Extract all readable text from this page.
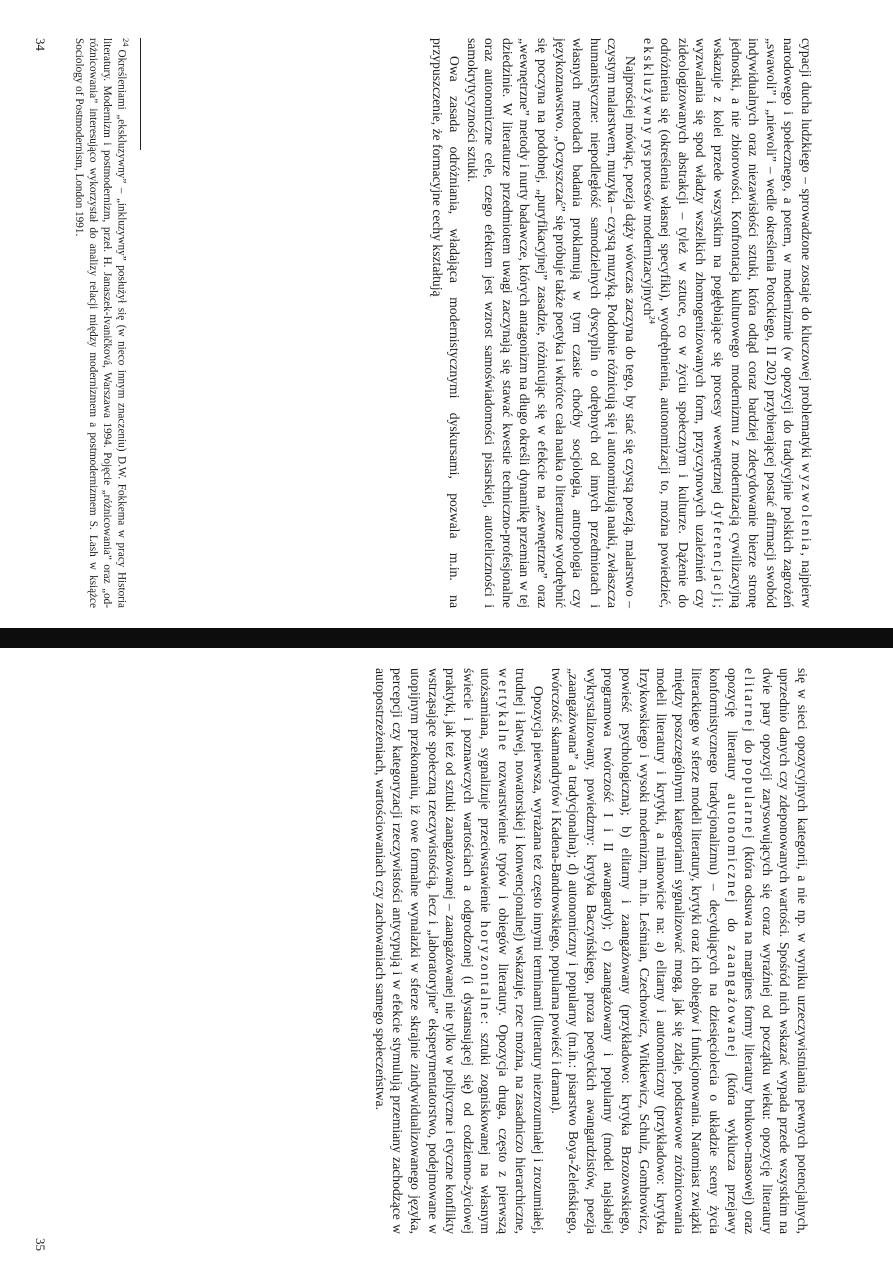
cypacji ducha ludzkiego – sprowadzone zostaje do kluczowej problematyki wyzwolenia, najpierw narodowego i społecznego, a potem, w modernizmie (w opozycji do tradycyjnie polskich zagrożeń „swawoli” i „niewoli” – wedle określenia Potockiego, II 202) przybierającej postać afirmacji swobód indywidualnych oraz niezawisłości sztuki, która odtąd coraz bardziej zdecydowanie bierze stronę jednostki, a nie zbiorowości. Konfrontacja kulturowego modernizmu z modernizacją cywilizacyjną wskazuje z kolei przede wszystkim na pogłębiające się procesy wewnętrznej dyferencjacji; wyzwalania się spod władzy wszelkich zhomogenizowanych form, przyczynowych uzależnień czy zideologizowanych abstrakcji – tyleż w sztuce, co w życiu społecznym i kulturze. Dążenie do odróżnienia się (określenia własnej specyfiki), wyodrębnienia, autonomizacji to, można powiedzieć, eksklużywny rys procesów modernizacyjnych$^{24}$

Najprościej mówiąc, poezja dąży wówczas zaczyna do tego, by stać się czystą poezją, malarstwo – czystym malarstwem, muzyka – czystą muzyką. Podobnie różnicują się i autonomizują nauki, zwłaszcza humanistyczne: niepodległość samodzielnych dyscyplin o odrębnych od innych przedmiotach i własnych metodach badania proklamują w tym czasie choćby socjologia, antropologia czy językoznawstwo. „Oczyszczać” się próbuje także poetyka i wkrótce cała nauka o literaturze wyodrębnić się poczyna na podobnej, „puryfikacyjnej” zasadzie, różnicując się w efekcie na „zewnętrzne” oraz „wewnętrzne” metody i nurty badawcze, których antagonizm na długo określi dynamikę przemian w tej dziedzinie. W literaturze przedmiotem uwagi zaczynają się stawać kwestie techniczno-profesjonalne oraz autonomiczne cele, czego efektem jest wzrost samoświadomości pisarskiej, autoteliczności i samokrytycyzności sztuki.

Owa zasada odróżniania, władająca modernistycznymi dyskursami, pozwala m.in. na przypuszczenie, że formacyjne cechy kształtują

$^{24}$Określeniami „ekskluzywny” – „inkluzywny” posłużył się (w nieco innym znaczeniu) D.W. Fokkema w pracy Historia literatury. Modernizm i postmodernizm, przeł. H. Janaszek-Ivaničková, Warszawa 1994. Pojęcie „różnicowania” oraz „od-różnicowania” interesująco wykorzystał do analizy relacji między modernizmem a postmodernizmem S. Lash w książce Sociology of Postmodernism, London 1991.
34

się w sieci opozycyjnych kategorii, a nie np. w wyniku urzeczywistniania pewnych potencjalnych, uprzednio danych czy zdeponowanych wartości. Spośród nich wskazać wypada przede wszystkim na dwie pary opozycji zarysowujących się coraz wyraźniej od początku wieku: opozycję literatury elitarnej do popularnej (która odsuwa na margines formy literatury brukowo-masowej) oraz opozycję literatury autonomicznej do zaangażowanej (która wyklucza przejawy konformistycznego tradycjonalizmu) – decydujących na dziesięciolecia o układzie sceny życia literackiego w sferze modeli literatury, krytyki oraz ich obiegów i funkcjonowania. Natomiast związki między poszczególnymi kategoriami sygnalizować mogą, jak się zdaje, podstawowe zróżnicowania modeli literatury i krytyki, a mianowicie na: a) elitarny i autonomiczny (przykładowo: krytyka Irzykowskiego i wysoki modernizm, m.in. Leśmian, Czechowicz, Witkiewicz, Schulz, Gombrowicz, powieść psychologiczna); b) elitarny i zaangażowany (przykładowo: krytyka Brzozowskiego, programowa twórczość I i II awangardy); c) zaangażowany i popularny (model najsłabiej wykrystalizowany, powiedzmy: krytyka Baczyńskiego, proza poetyckich awangardzistów, poezja „zaangażowana” a tradycjonalna); d) autonomiczny i popularny (m.in.: pisarstwo Boya-Żeleńskiego, twórczość skamandrytów i Kadena-Bandrowskiego, popularna powieść i dramat).

Opozycja pierwsza, wyrażana też często innymi terminami (literatury niezrozumiałej i zrozumiałej, trudnej i łatwej, nowatorskiej i konwencjonalnej) wskazuje, rzec można, na zasadniczo hierarchiczne, wertykalne rozwarstwienie typów i obiegów literatury. Opozycja druga, często z pierwszą utożsamiana, sygnalizuje przeciwstawienie horyzontalne: sztuki zogniskowanej na własnym świecie i poznawczych wartościach a odgrodzonej (i dystansującej się) od codzienno-życiowej praktyki, jak też od sztuki zaangażowanej – zaangażowanej nie tylko w polityczne i etyczne konflikty wstrząsające społeczną rzeczywistością, lecz i „laboratoryjne” eksperymentatorstwo, podejmowane w utopijnym przekonaniu, iż owe formalne wynalazki w sferze skrajnie zindywidualizowanego języka, percepcji czy kategoryzacji rzeczywistości antycypują i w efekcie stymulują przemiany zachodzące w autopostrzeżeniach, wartościowaniach czy zachowaniach samego społeczeństwa.

35
